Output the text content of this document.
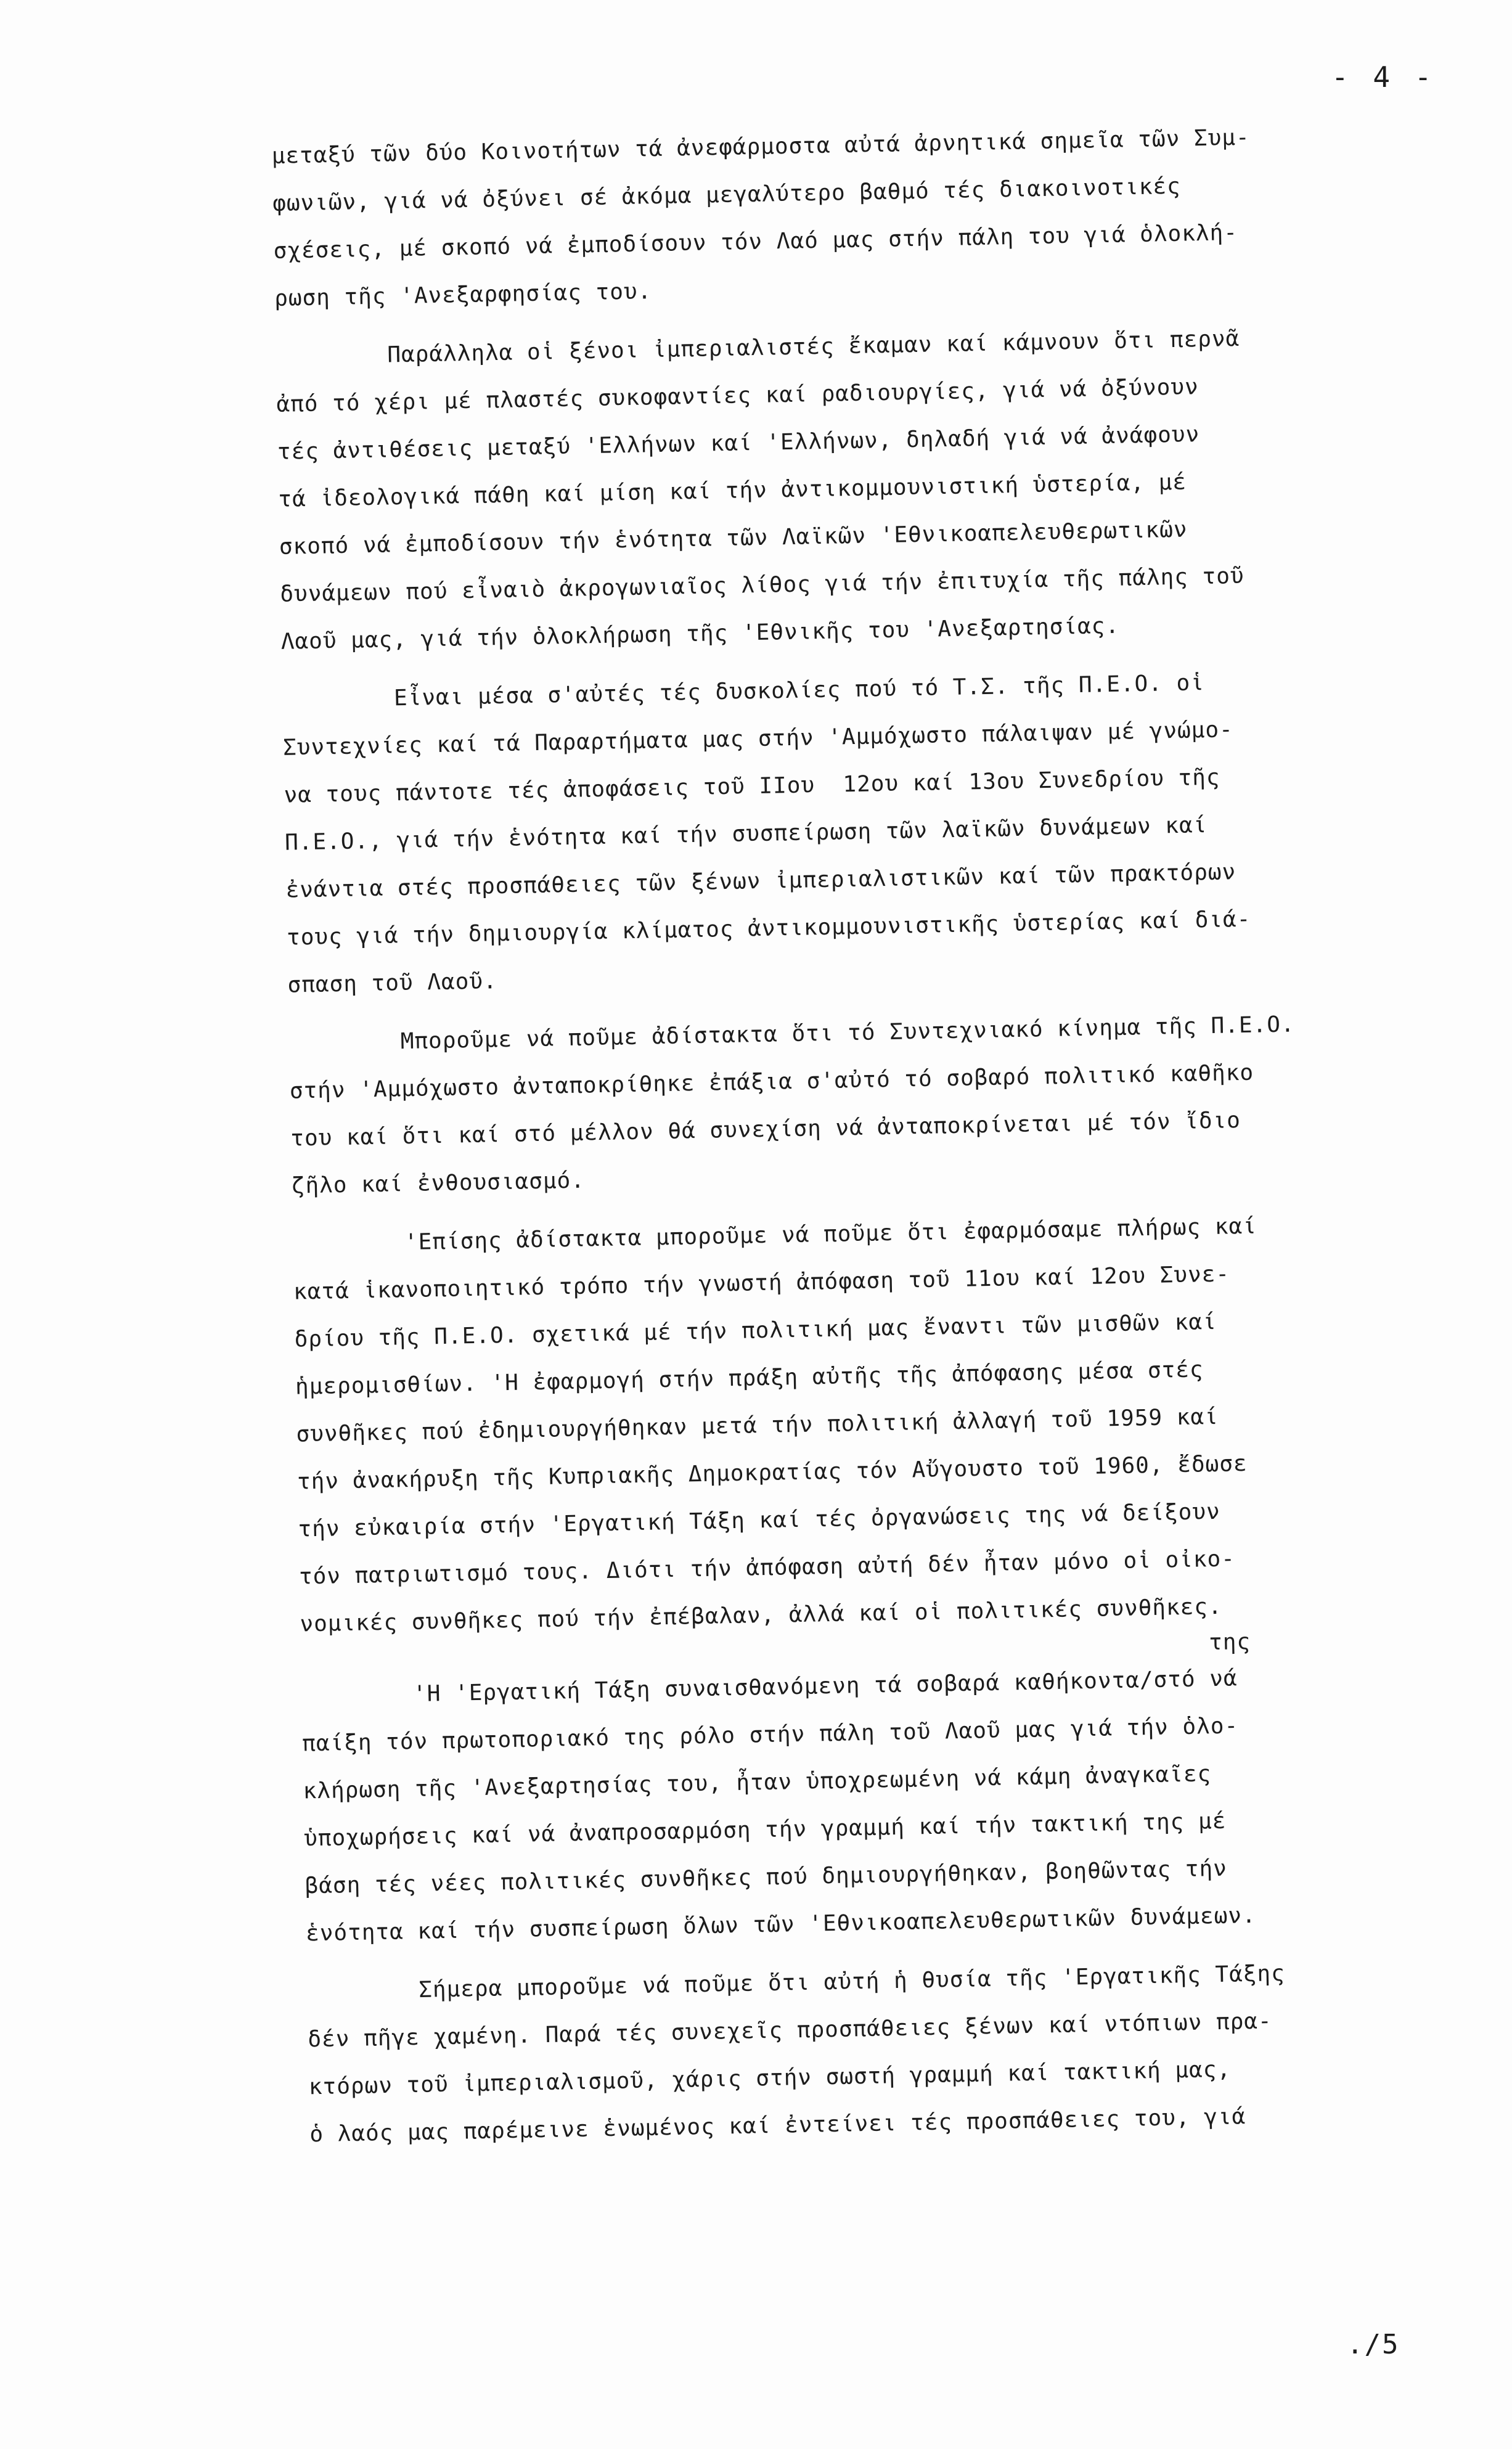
- 4 -

μεταξύ τῶν δύο Κοινοτήτων τά ἀνεφάρμοστα αὐτά ἀρνητικά σημεῖα τῶν Συμ-
φωνιῶν, γιά νά ὀξύνει σέ ἀκόμα μεγαλύτερο βαθμό τές διακοινοτικές
σχέσεις, μέ σκοπό νά ἐμποδίσουν τόν Λαό μας στήν πάλη του γιά ὁλοκλή-
ρωση τῆς 'Ανεξαρφησίας του.

Παράλληλα οἱ ξένοι ἰμπεριαλιστές ἔκαμαν καί κάμνουν ὅτι περνᾶ
ἀπό τό χέρι μέ πλαστές συκοφαντίες καί ραδιουργίες, γιά νά ὀξύνουν
τές ἀντιθέσεις μεταξύ 'Ελλήνων καί 'Ελλήνων, δηλαδή γιά νά ἀνάφουν
τά ἰδεολογικά πάθη καί μίση καί τήν ἀντικομμουνιστική ὑστερία, μέ
σκοπό νά ἐμποδίσουν τήν ἑνότητα τῶν Λαϊκῶν 'Εθνικοαπελευθερωτικῶν
δυνάμεων πού εἶναιὸ ἀκρογωνιαῖος λίθος γιά τήν ἐπιτυχία τῆς πάλης τοῦ
Λαοῦ μας, γιά τήν ὁλοκλήρωση τῆς 'Εθνικῆς του 'Ανεξαρτησίας.

Εἶναι μέσα σ'αὐτές τές δυσκολίες πού τό Τ.Σ. τῆς Π.Ε.Ο. οἱ
Συντεχνίες καί τά Παραρτήματα μας στήν 'Αμμόχωστο πάλαιψαν μέ γνώμο-
να τους πάντοτε τές ἀποφάσεις τοῦ ΙΙου  12ου καί 13ου Συνεδρίου τῆς
Π.Ε.Ο., γιά τήν ἑνότητα καί τήν συσπείρωση τῶν λαϊκῶν δυνάμεων καί
ἐνάντια στές προσπάθειες τῶν ξένων ἰμπεριαλιστικῶν καί τῶν πρακτόρων
τους γιά τήν δημιουργία κλίματος ἀντικομμουνιστικῆς ὑστερίας καί διά-
σπαση τοῦ Λαοῦ.

Μποροῦμε νά ποῦμε ἀδίστακτα ὅτι τό Συντεχνιακό κίνημα τῆς Π.Ε.Ο.
στήν 'Αμμόχωστο ἀνταποκρίθηκε ἐπάξια σ'αὐτό τό σοβαρό πολιτικό καθῆκο
του καί ὅτι καί στό μέλλον θά συνεχίση νά ἀνταποκρίνεται μέ τόν ἴδιο
ζῆλο καί ἐνθουσιασμό.

'Επίσης ἀδίστακτα μποροῦμε νά ποῦμε ὅτι ἐφαρμόσαμε πλήρως καί
κατά ἱκανοποιητικό τρόπο τήν γνωστή ἀπόφαση τοῦ 11ου καί 12ου Συνε-
δρίου τῆς Π.Ε.Ο. σχετικά μέ τήν πολιτική μας ἔναντι τῶν μισθῶν καί
ἡμερομισθίων. 'Η ἐφαρμογή στήν πράξη αὐτῆς τῆς ἀπόφασης μέσα στές
συνθῆκες πού ἐδημιουργήθηκαν μετά τήν πολιτική ἀλλαγή τοῦ 1959 καί
τήν ἀνακήρυξη τῆς Κυπριακῆς Δημοκρατίας τόν Αὔγουστο τοῦ 1960, ἔδωσε
τήν εὐκαιρία στήν 'Εργατική Τάξη καί τές ὀργανώσεις της νά δείξουν
τόν πατριωτισμό τους. Διότι τήν ἀπόφαση αὐτή δέν ἦταν μόνο οἱ οἰκο-
νομικές συνθῆκες πού τήν ἐπέβαλαν, ἀλλά καί οἱ πολιτικές συνθῆκες.

της
'Η 'Εργατική Τάξη συναισθανόμενη τά σοβαρά καθήκοντα/στό νά
παίξη τόν πρωτοποριακό της ρόλο στήν πάλη τοῦ Λαοῦ μας γιά τήν ὁλο-
κλήρωση τῆς 'Ανεξαρτησίας του, ἦταν ὑποχρεωμένη νά κάμη ἀναγκαῖες
ὑποχωρήσεις καί νά ἀναπροσαρμόση τήν γραμμή καί τήν τακτική της μέ
βάση τές νέες πολιτικές συνθῆκες πού δημιουργήθηκαν, βοηθῶντας τήν
ἑνότητα καί τήν συσπείρωση ὅλων τῶν 'Εθνικοαπελευθερωτικῶν δυνάμεων.

Σήμερα μποροῦμε νά ποῦμε ὅτι αὐτή ἡ θυσία τῆς 'Εργατικῆς Τάξης
δέν πῆγε χαμένη. Παρά τές συνεχεῖς προσπάθειες ξένων καί ντόπιων πρα-
κτόρων τοῦ ἰμπεριαλισμοῦ, χάρις στήν σωστή γραμμή καί τακτική μας,
ὁ λαός μας παρέμεινε ἑνωμένος καί ἐντείνει τές προσπάθειες του, γιά

./5
